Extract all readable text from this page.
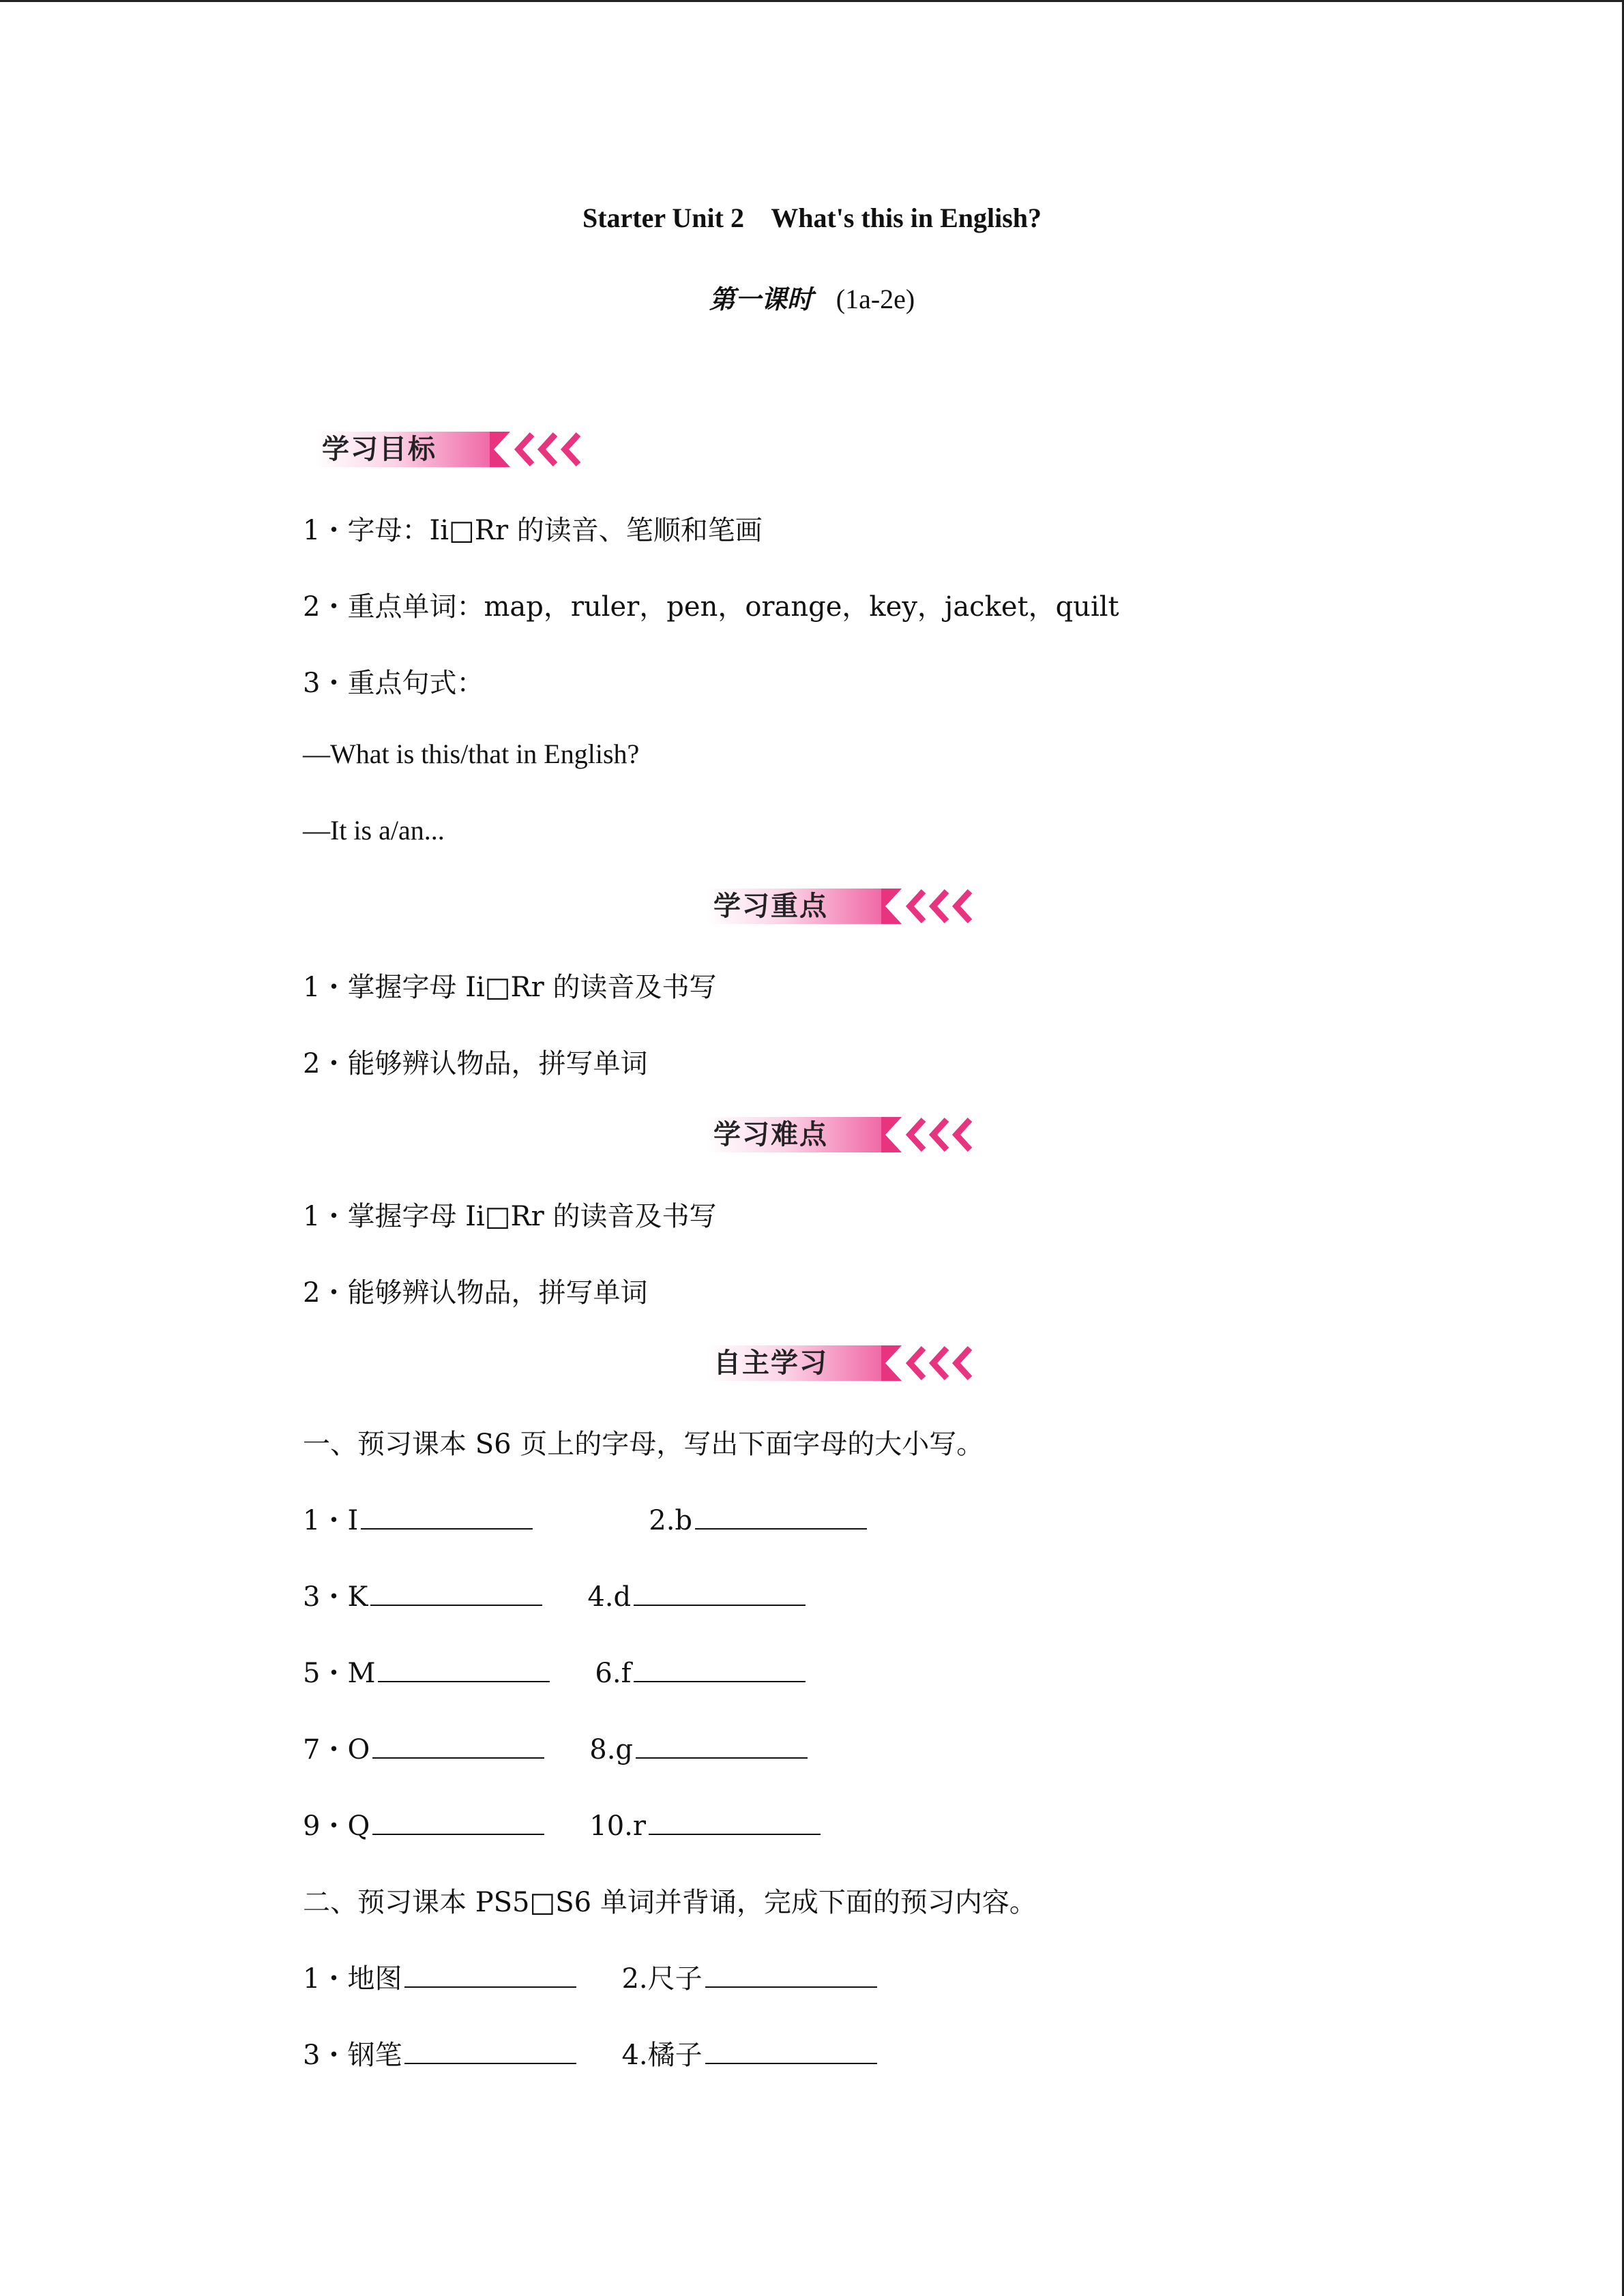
Starter Unit 2    What's this in English?
第一课时 (1a-2e)
学习目标
1・字母：Ii□Rr 的读音、笔顺和笔画
2・重点单词：map，ruler，pen，orange，key，jacket，quilt
3・重点句式：
—What is this/that in English?
—It is a/an...
学习重点
1・掌握字母 Ii□Rr 的读音及书写
2・能够辨认物品，拼写单词
学习难点
1・掌握字母 Ii□Rr 的读音及书写
2・能够辨认物品，拼写单词
自主学习
一、预习课本 S6 页上的字母，写出下面字母的大小写。
1・I	2.b
3・K	4.d
5・M	6.f
7・O	8.g
9・Q	10.r
二、预习课本 PS5□S6 单词并背诵，完成下面的预习内容。
1・地图	2.尺子
3・钢笔	4.橘子
